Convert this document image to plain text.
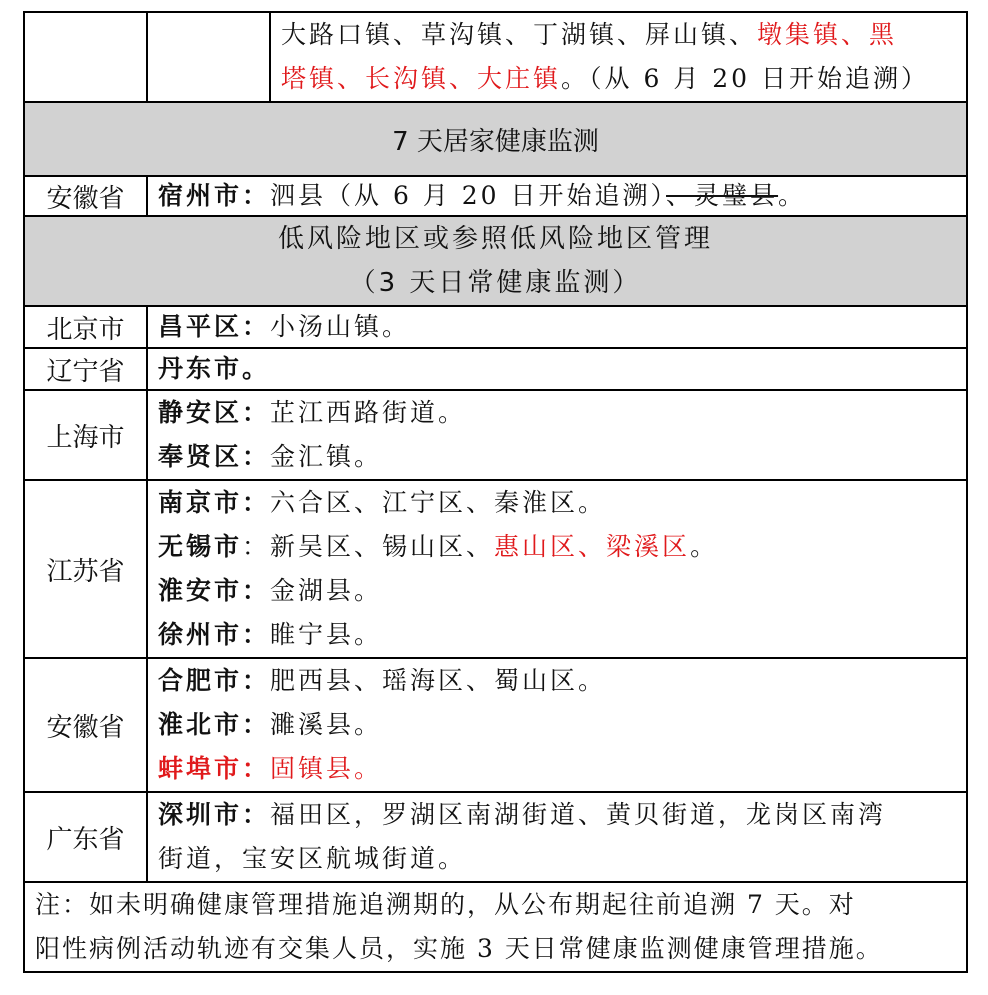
		大路口镇、草沟镇、丁湖镇、屏山镇、墩集镇、黑
塔镇、长沟镇、大庄镇。（从 6 月 20 日开始追溯）

7 天居家健康监测		
安徽省	宿州市：泗县（从 6 月 20 日开始追溯）、灵璧县。	

低风险地区或参照低风险地区管理
（3 天日常健康监测）		

北京市	昌平区：小汤山镇。	

辽宁省	丹东市。	

上海市	静安区：芷江西路街道。
奉贤区：金汇镇。	

江苏省	南京市：六合区、江宁区、秦淮区。
无锡市：新吴区、锡山区、惠山区、梁溪区。
淮安市：金湖县。
徐州市：睢宁县。	

安徽省	合肥市：肥西县、瑶海区、蜀山区。
淮北市：濉溪县。
蚌埠市：固镇县。	

广东省	深圳市：福田区，罗湖区南湖街道、黄贝街道，龙岗区南湾
街道，宝安区航城街道。	

注：如未明确健康管理措施追溯期的，从公布期起往前追溯 7 天。对
阳性病例活动轨迹有交集人员，实施 3 天日常健康监测健康管理措施。		
